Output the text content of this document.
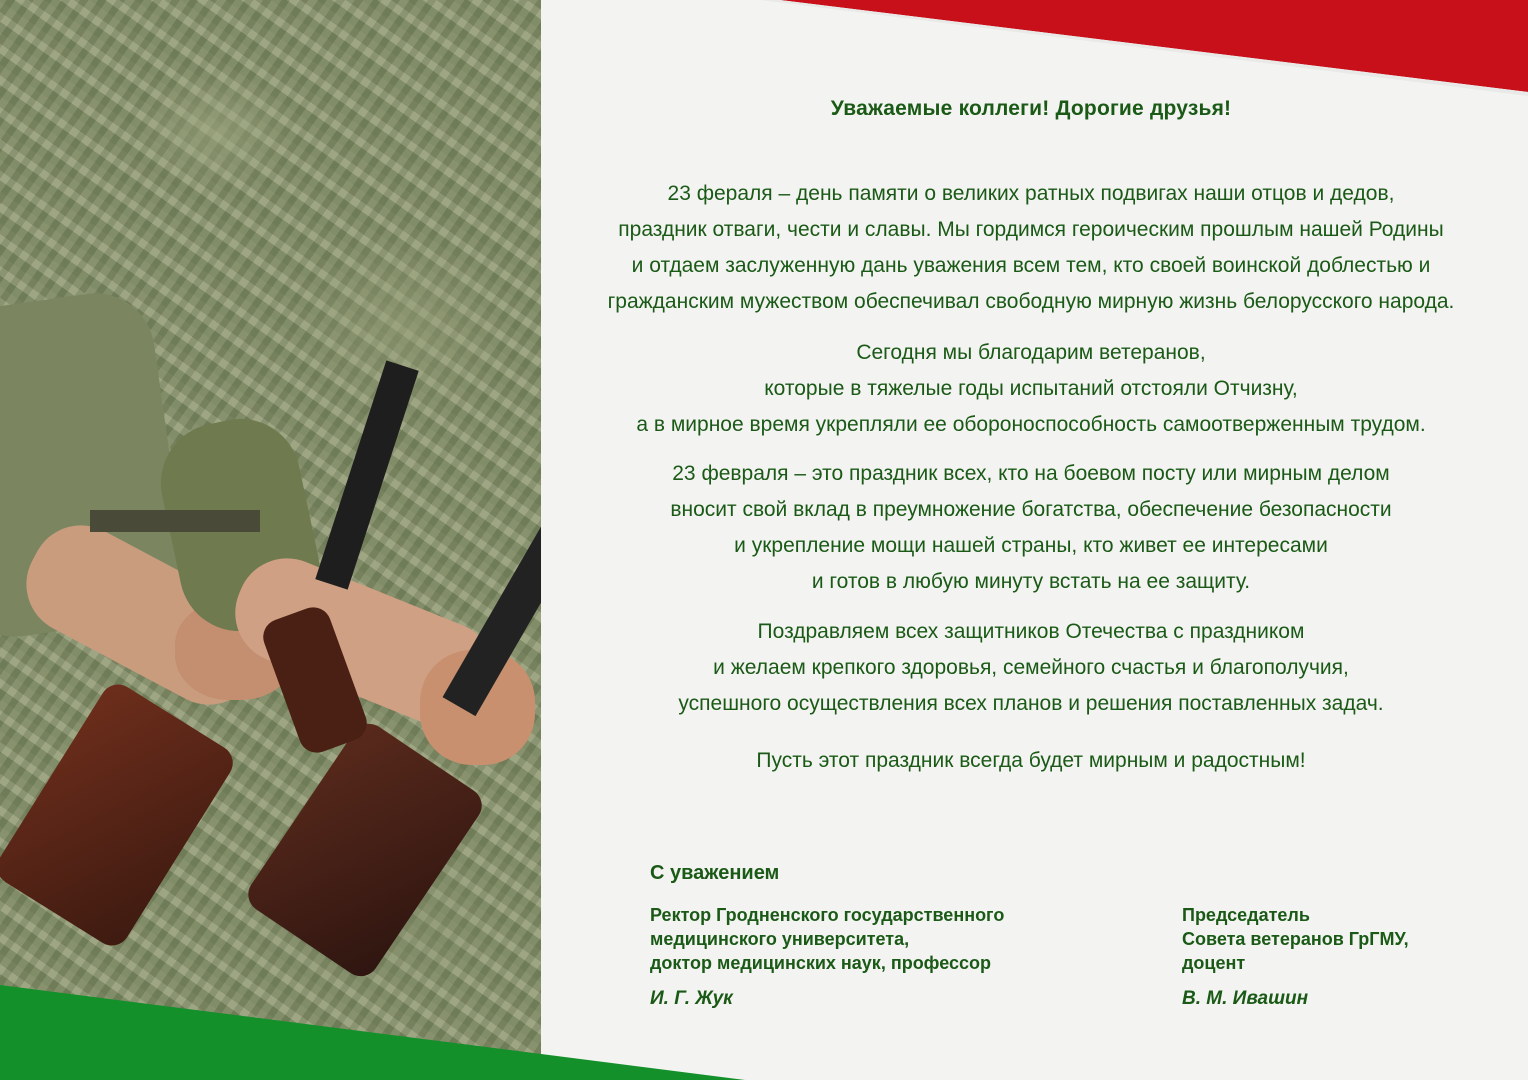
Уважаемые коллеги! Дорогие друзья!
23 фераля – день памяти о великих ратных подвигах наши отцов и дедов,
праздник отваги, чести и славы. Мы гордимся героическим прошлым нашей Родины
и отдаем заслуженную дань уважения всем тем, кто своей воинской доблестью и
гражданским мужеством обеспечивал свободную мирную жизнь белорусского народа.
Сегодня мы благодарим ветеранов,
которые в тяжелые годы испытаний отстояли Отчизну,
а в мирное время укрепляли ее обороноспособность самоотверженным трудом.
23 февраля – это праздник всех, кто на боевом посту или мирным делом
вносит свой вклад в преумножение богатства, обеспечение безопасности
и укрепление мощи нашей страны, кто живет ее интересами
и готов в любую минуту встать на ее защиту.
Поздравляем всех защитников Отечества с праздником
и желаем крепкого здоровья, семейного счастья и благополучия,
успешного осуществления всех планов и решения поставленных задач.
Пусть этот праздник всегда будет мирным и радостным!
С уважением
Ректор Гродненского государственного
медицинского университета,
доктор медицинских наук, профессор
И. Г. Жук
Председатель
Совета ветеранов ГрГМУ,
доцент
В. М. Ивашин
